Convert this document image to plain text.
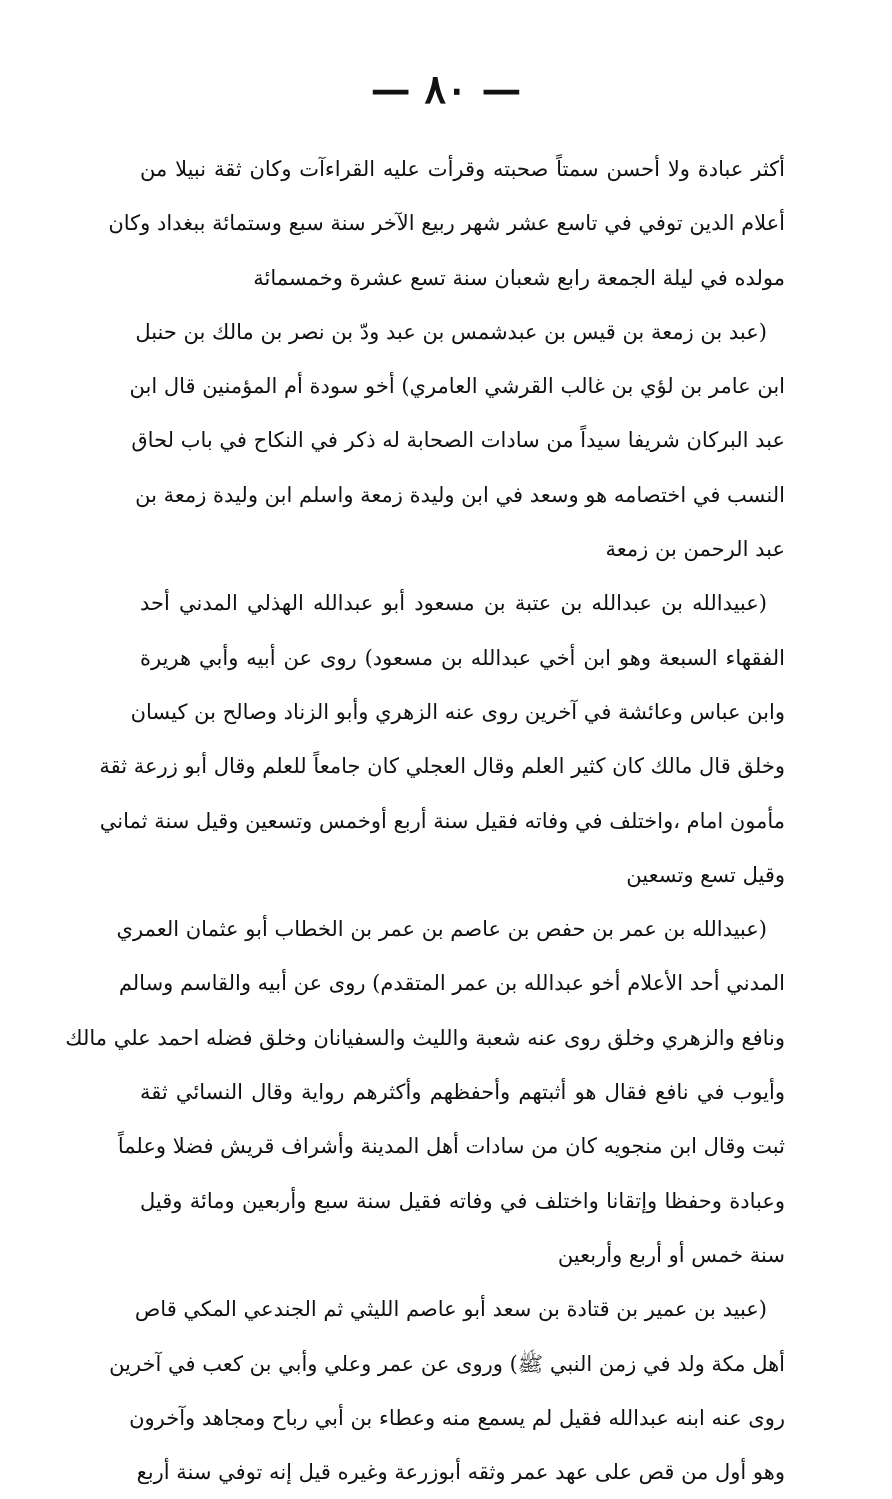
— ٨٠ —
أكثر عبادة ولا أحسن سمتاً صحبته وقرأت عليه القراءآت وكان ثقة نبيلا من
أعلام الدين توفي في تاسع عشر شهر ربيع الآخر سنة سبع وستمائة ببغداد وكان
مولده في ليلة الجمعة رابع شعبان سنة تسع عشرة وخمسمائة
(عبد بن زمعة بن قيس بن عبدشمس بن عبد ودّ بن نصر بن مالك بن حنبل
ابن عامر بن لؤي بن غالب القرشي العامري) أخو سودة أم المؤمنين قال ابن
عبد البركان شريفا سيداً من سادات الصحابة له ذكر في النكاح في باب لحاق
النسب في اختصامه هو وسعد في ابن وليدة زمعة واسلم ابن وليدة زمعة بن
عبد الرحمن بن زمعة
(عبيدالله بن عبدالله بن عتبة بن مسعود أبو عبدالله الهذلي المدني أحد
الفقهاء السبعة وهو ابن أخي عبدالله بن مسعود) روى عن أبيه وأبي هريرة
وابن عباس وعائشة في آخرين روى عنه الزهري وأبو الزناد وصالح بن كيسان
وخلق قال مالك كان كثير العلم وقال العجلي كان جامعاً للعلم وقال أبو زرعة ثقة
مأمون امام ،واختلف في وفاته فقيل سنة أربع أوخمس وتسعين وقيل سنة ثماني
وقيل تسع وتسعين
(عبيدالله بن عمر بن حفص بن عاصم بن عمر بن الخطاب أبو عثمان العمري
المدني أحد الأعلام أخو عبدالله بن عمر المتقدم) روى عن أبيه والقاسم وسالم
ونافع والزهري وخلق روى عنه شعبة والليث والسفيانان وخلق فضله احمد علي مالك
وأيوب في نافع فقال هو أثبتهم وأحفظهم وأكثرهم رواية وقال النسائي ثقة
ثبت وقال ابن منجويه كان من سادات أهل المدينة وأشراف قريش فضلا وعلماً
وعبادة وحفظا وإتقانا واختلف في وفاته فقيل سنة سبع وأربعين ومائة وقيل
سنة خمس أو أربع وأربعين
(عبيد بن عمير بن قتادة بن سعد أبو عاصم الليثي ثم الجندعي المكي قاص
أهل مكة ولد في زمن النبي ﷺ) وروى عن عمر وعلي وأبي بن كعب في آخرين
روى عنه ابنه عبدالله فقيل لم يسمع منه وعطاء بن أبي رباح ومجاهد وآخرون
وهو أول من قص على عهد عمر وثقه أبوزرعة وغيره قيل إنه توفي سنة أربع
